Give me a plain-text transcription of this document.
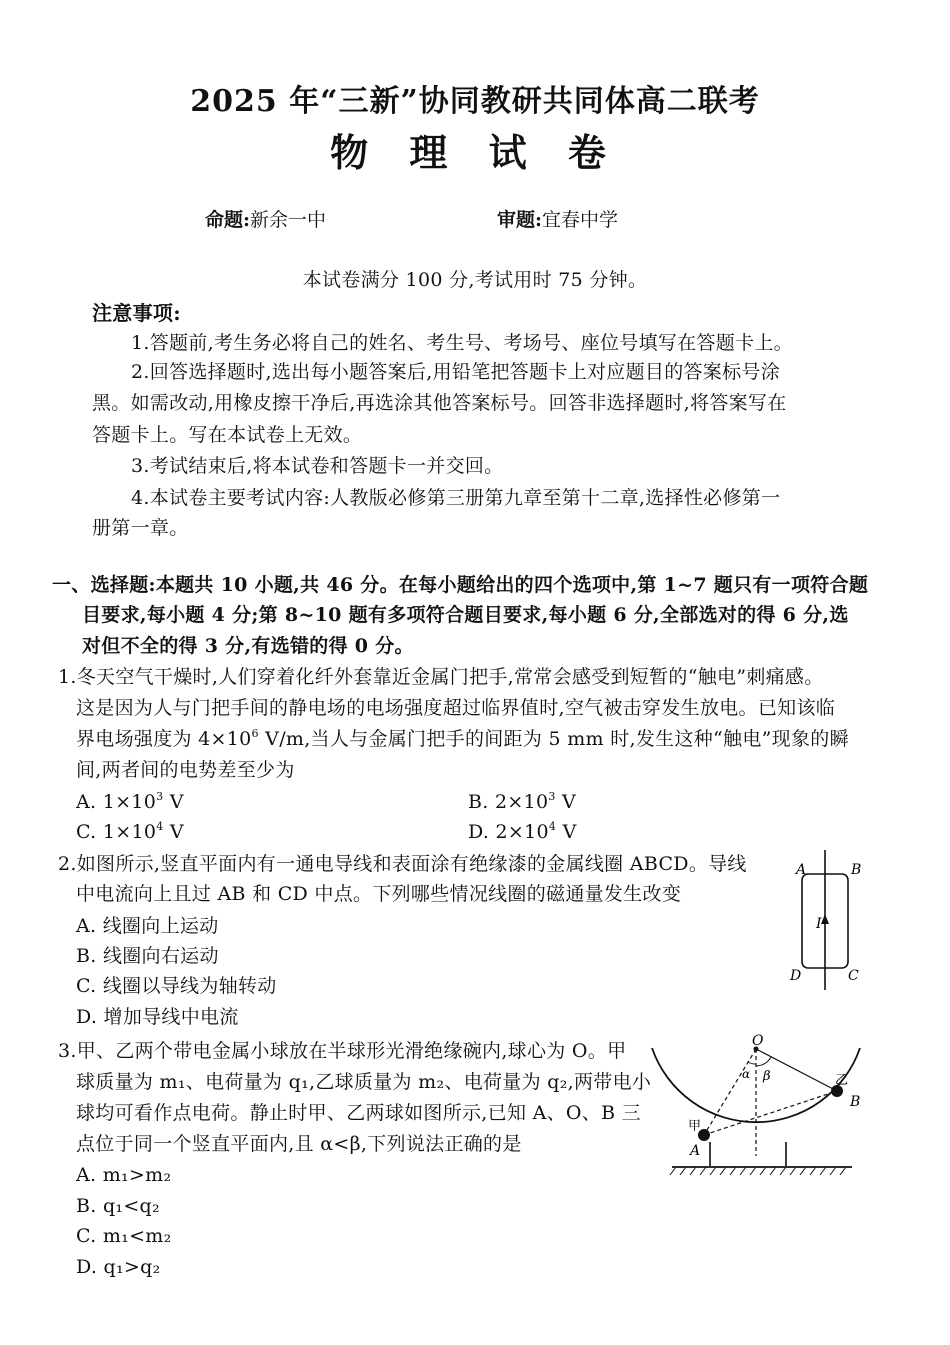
2025 年“三新”协同教研共同体高二联考
物 理 试 卷
命题:新余一中	审题:宜春中学
本试卷满分 100 分,考试用时 75 分钟。
注意事项:
1.答题前,考生务必将自己的姓名、考生号、考场号、座位号填写在答题卡上。
2.回答选择题时,选出每小题答案后,用铅笔把答题卡上对应题目的答案标号涂
黑。如需改动,用橡皮擦干净后,再选涂其他答案标号。回答非选择题时,将答案写在
答题卡上。写在本试卷上无效。
3.考试结束后,将本试卷和答题卡一并交回。
4.本试卷主要考试内容:人教版必修第三册第九章至第十二章,选择性必修第一
册第一章。
一、选择题:本题共 10 小题,共 46 分。在每小题给出的四个选项中,第 1~7 题只有一项符合题
目要求,每小题 4 分;第 8~10 题有多项符合题目要求,每小题 6 分,全部选对的得 6 分,选
对但不全的得 3 分,有选错的得 0 分。
1.冬天空气干燥时,人们穿着化纤外套靠近金属门把手,常常会感受到短暂的“触电”刺痛感。
这是因为人与门把手间的静电场的电场强度超过临界值时,空气被击穿发生放电。已知该临
界电场强度为 $4\times 10^6$ V/m,当人与金属门把手的间距为 5 mm 时,发生这种“触电”现象的瞬
间,两者间的电势差至少为
A. $1\times 10^3$ V	B. $2\times 10^3$ V
C. $1\times 10^4$ V	D. $2\times 10^4$ V
2.如图所示,竖直平面内有一通电导线和表面涂有绝缘漆的金属线圈 ABCD。导线
中电流向上且过 AB 和 CD 中点。下列哪些情况线圈的磁通量发生改变
A. 线圈向上运动
B. 线圈向右运动
C. 线圈以导线为轴转动
D. 增加导线中电流
A	B
C
D
I
3.甲、乙两个带电金属小球放在半球形光滑绝缘碗内,球心为 O。甲
球质量为 m₁、电荷量为 q₁,乙球质量为 m₂、电荷量为 q₂,两带电小
球均可看作点电荷。静止时甲、乙两球如图所示,已知 A、O、B 三
点位于同一个竖直平面内,且 α<β,下列说法正确的是
A. m₁>m₂
B. q₁<q₂
C. m₁<m₂
D. q₁>q₂
O
α β
甲
乙
A
B
